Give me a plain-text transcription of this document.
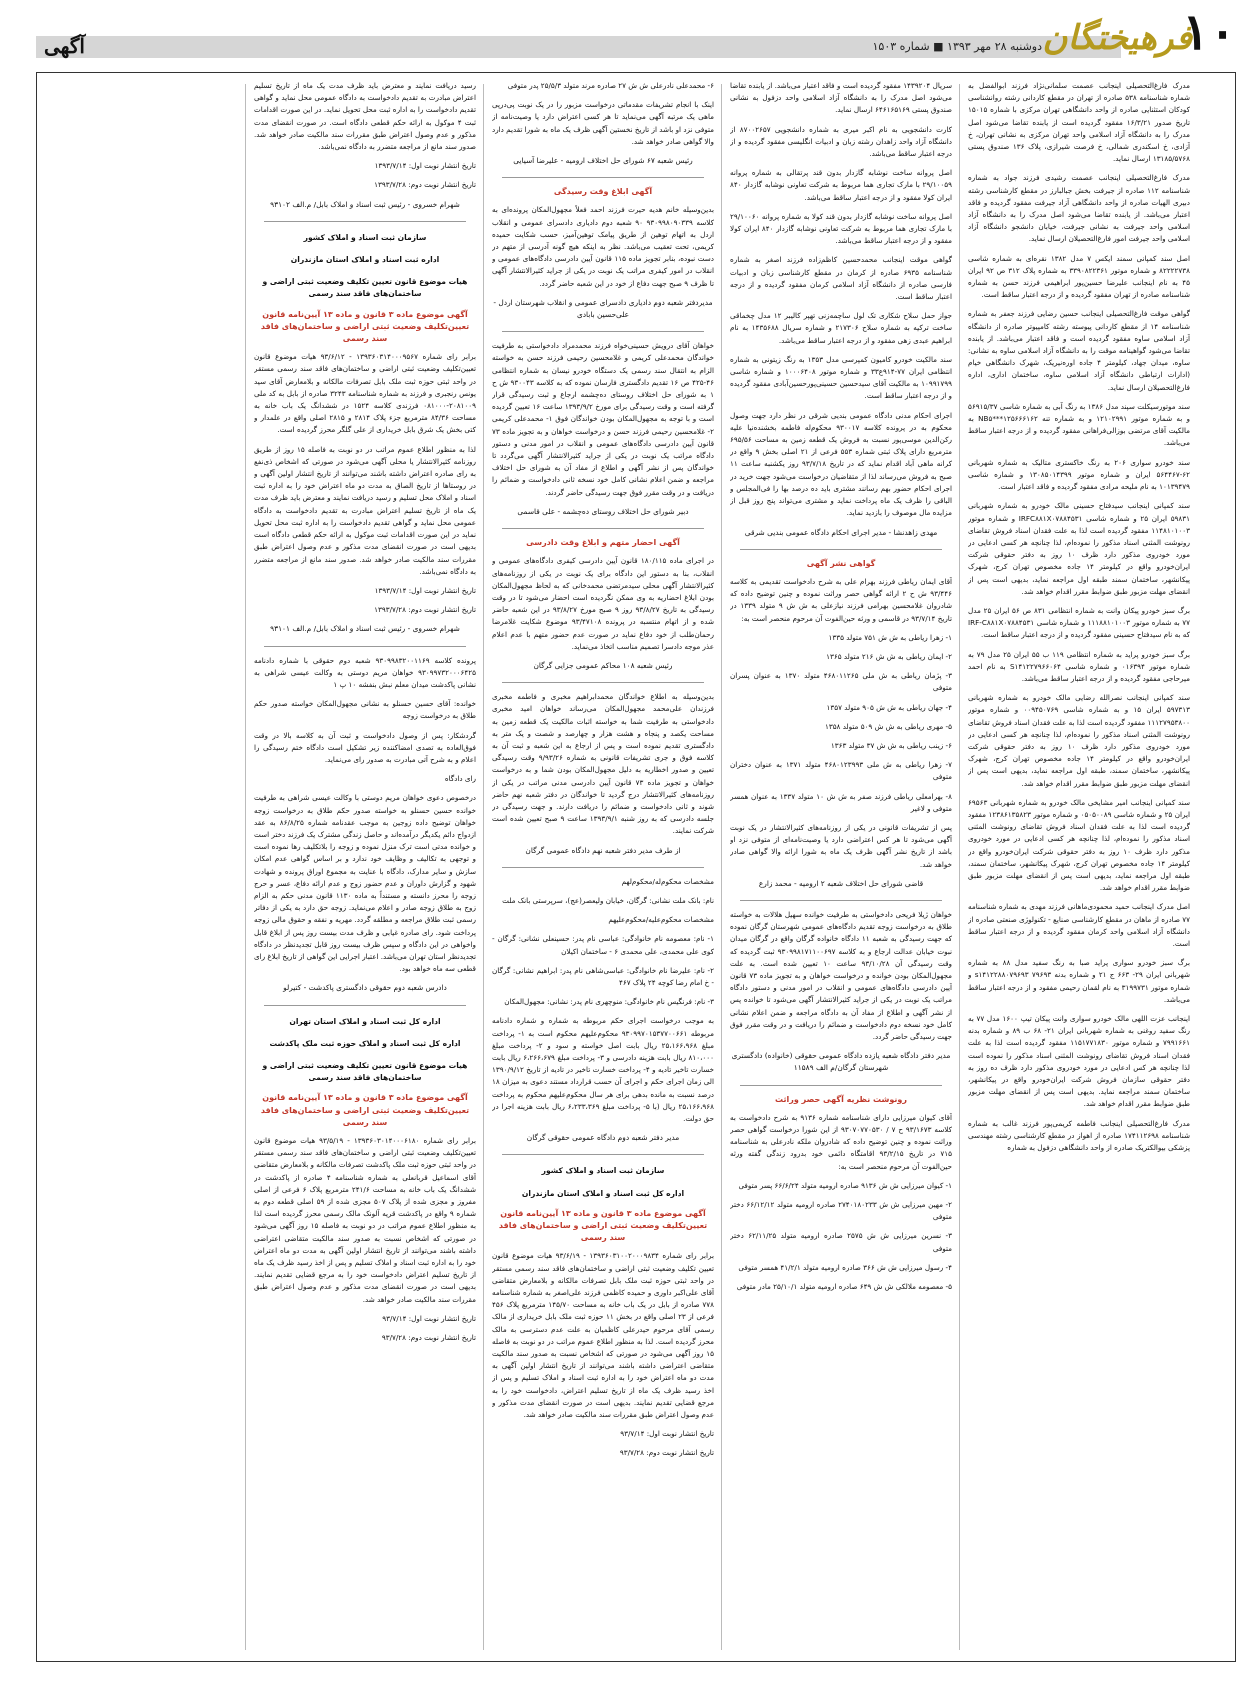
۱۰
فرهیختگان
دوشنبه ۲۸ مهر ۱۳۹۳ ■ شماره ۱۵۰۳
آگهی

مدرک فارغ‌التحصیلی اینجانب عصمت سلمانی‌نژاد فرزند ابوالفضل به شماره شناسنامه ۵۳۸ صادره از تهران در مقطع کاردانی رشته روانشناسی کودکان استثنایی صادره از واحد دانشگاهی تهران مرکزی با شماره ۱۵۰۱۵ تاریخ صدور ۱۶/۳/۲۱ مفقود گردیده است از یابنده تقاضا می‌شود اصل مدرک را به دانشگاه آزاد اسلامی واحد تهران مرکزی به نشانی تهران، خ آزادی، خ اسکندری شمالی، خ فرصت شیرازی، پلاک ۱۳۶ صندوق پستی ۱۳۱۸۵/۵۷۶۸ ارسال نماید.

مدرک فارغ‌التحصیلی اینجانب عصمت رشیدی فرزند جواد به شماره شناسنامه ۱۱۲ صادره از جیرفت بخش جبالبارز در مقطع کارشناسی رشته دبیری الهیات صادره از واحد دانشگاهی آزاد جیرفت مفقود گردیده و فاقد اعتبار می‌باشد. از یابنده تقاضا می‌شود اصل مدرک را به دانشگاه آزاد اسلامی واحد جیرفت به نشانی جیرفت، خیابان دانشجو دانشگاه آزاد اسلامی واحد جیرفت امور فارغ‌التحصیلان ارسال نماید.

اصل سند کمپانی سمند ایکس ۷ مدل ۱۳۸۲ نقره‌ای به شماره شاسی ۸۲۲۲۲۷۳۸ و شماره موتور ۳۳۹۰۸۲۲۳۶۱ به شماره پلاک ۳۱۲ ص ۹۲ ایران ۴۵ به نام اینجانب علیرضا حسین‌پور ابراهیمی فرزند حسن به شماره شناسنامه صادره از تهران مفقود گردیده و از درجه اعتبار ساقط است.

گواهی موقت فارغ‌التحصیلی اینجانب حسین رضایی فرزند جعفر به شماره شناسنامه ۱۴ از مقطع کاردانی پیوسته رشته کامپیوتر صادره از دانشگاه آزاد اسلامی ساوه مفقود گردیده است و فاقد اعتبار می‌باشد. از یابنده تقاضا می‌شود گواهینامه موقت را به دانشگاه آزاد اسلامی ساوه به نشانی: ساوه، میدان جهاد، کیلومتر ۴ جاده اوره‌نیریک، شهرک دانشگاهی خیام (ادارات ارتباطی دانشگاه آزاد اسلامی ساوه، ساختمان اداری، اداره فارغ‌التحصیلان ارسال نماید.

سند موتورسیکلت سپند مدل ۱۳۸۶ به رنگ آبی به شماره شاسی ۵۶۹۱۵/۳۷ و به شماره موتور ۱۲۱۰۲۹۹۱ و به شماره تنه NB۵***۱۲۵۶۶۶۱۶۲ به مالکیت آقای مرتضی بوزالی‌فراهانی مفقود گردیده و از درجه اعتبار ساقط می‌باشد.

سند خودرو سواری ۲۰۶ به رنگ خاکستری متالیک به شماره شهربانی ۶۲-۵۶۴۴۶۷ ایران و شماره موتور ۱۳۰۸۵۰۱۴۳۹۹ و شماره شاسی ۱۰۱۳۹۴۷۹ به نام ملیحه مرادی مفقود گردیده و فاقد اعتبار است.

سند کمپانی اینجانب سیدفتاح حسینی مالک خودرو به شماره شهربانی ۵۹۸۳۱ ایران ۲۵ و شماره شاسی IRFC۸۸۱X۰۷۸۸۴۵۳۱ و شماره موتور ۱۱۴۸۱۰۱۰۰۳ مفقود گردیده است لذا به علت فقدان اسناد فروش تقاضای رونوشت المثنی اسناد مذکور را نموده‌ام، لذا چنانچه هر کسی ادعایی در مورد خودروی مذکور دارد ظرف ۱۰ روز به دفتر حقوقی شرکت ایران‌خودرو واقع در کیلومتر ۱۴ جاده مخصوص تهران کرج، شهرک پیکانشهر، ساختمان سمند طبقه اول مراجعه نماید، بدیهی است پس از انقضای مهلت مزبور طبق ضوابط مقرر اقدام خواهد شد.

برگ سبز خودرو پیکان وانت به شماره انتظامی ۸۳۱ ص ۵۶ ایران ۲۵ مدل ۷۷ به شماره موتور ۱۱۱۸۸۱۰۱۰۰۳ و شماره شاسی IRF-C۸۸۱X۰۷۸۸۴۵۳۱ که به نام سیدفتاح حسینی مفقود گردیده و از درجه اعتبار ساقط است.

برگ سبز خودرو پراید به شماره انتظامی ۱۱۹ ب ۵۵ ایران ۲۵ مدل ۷۹ به شماره موتور ۰۱۶۳۹۴ و شماره شاسی S۱۴۱۲۲۷۹۶۶۰۶۴ به نام احمد میرحاجی مفقود گردیده و از درجه اعتبار ساقط می‌باشد.

سند کمپانی اینجانب نصرالله رضایی مالک خودرو به شماره شهربانی ۵۹۷۳۱۳ ایران ۱۵ و به شماره شاسی ۰۰۹۴۵۰۷۶۹ و شماره موتور ۱۱۱۲۷۹۵۳۸۰۰ مفقود گردیده است لذا به علت فقدان اسناد فروش تقاضای رونوشت المثنی اسناد مذکور را نموده‌ام، لذا چنانچه هر کسی ادعایی در مورد خودروی مذکور دارد ظرف ۱۰ روز به دفتر حقوقی شرکت ایران‌خودرو واقع در کیلومتر ۱۴ جاده مخصوص تهران کرج، شهرک پیکانشهر، ساختمان سمند، طبقه اول مراجعه نماید، بدیهی است پس از انقضای مهلت مزبور طبق ضوابط مقرر اقدام خواهد شد.

سند کمپانی اینجانب امیر مشایخی مالک خودرو به شماره شهربانی ۶۹۵۶۳ ایران ۲۵ و شماره شاسی ۰۵۰۵۰۰۸۹ و شماره موتور ۱۲۳۸۶۱۳۵۸۲۳ مفقود گردیده است لذا به علت فقدان اسناد فروش تقاضای رونوشت المثنی اسناد مذکور را نموده‌ام، لذا چنانچه هر کسی ادعایی در مورد خودروی مذکور دارد ظرف ۱۰ روز به دفتر حقوقی شرکت ایران‌خودرو واقع در کیلومتر ۱۴ جاده مخصوص تهران کرج، شهرک پیکانشهر، ساختمان سمند، طبقه اول مراجعه نماید، بدیهی است پس از انقضای مهلت مزبور طبق ضوابط مقرر اقدام خواهد شد.

اصل مدرک اینجانب حمید محمودی‌ماهانی فرزند مهدی به شماره شناسنامه ۷۷ صادره از ماهان در مقطع کارشناسی صنایع - تکنولوژی صنعتی صادره از دانشگاه آزاد اسلامی واحد کرمان مفقود گردیده و از درجه اعتبار ساقط است.

برگ سبز خودرو سواری پراید صبا به رنگ سفید مدل ۸۸ به شماره شهربانی ایران ۲۹- ۶۶۳ ج ۲۱ و شماره بدنه ۷۹۶۹۳ s۱۴۱۲۲۸۸۰۷۹۶۹۳ و شماره موتور ۳۱۹۹۷۳۱ به نام لقمان رحیمی مفقود و از درجه اعتبار ساقط می‌باشد.

اینجانب عزت اللهی مالک خودرو سواری وانت پیکان تیپ ۱۶۰۰ مدل ۷۷ به رنگ سفید روغنی به شماره شهربانی ایران ۲۱- ۶۸ ب ۸۹ و شماره بدنه ۷۹۹۱۶۶۱ و شماره موتور ۱۱۵۱۷۷۱۸۳۰ مفقود گردیده است لذا به علت فقدان اسناد فروش تقاضای رونوشت المثنی اسناد مذکور را نموده است لذا چنانچه هر کس ادعایی در مورد خودروی مذکور دارد ظرف ده روز به دفتر حقوقی سازمان فروش شرکت ایران‌خودرو واقع در پیکانشهر، ساختمان سمند مراجعه نماید. بدیهی است پس از انقضای مهلت مزبور طبق ضوابط مقرر اقدام خواهد شد.

مدرک فارغ‌التحصیلی اینجانب فاطمه کریمی‌پور فرزند غالب به شماره شناسنامه ۱۷۴۱۱۲۶۹۸ صادره از اهواز در مقطع کارشناسی رشته مهندسی پزشکی بیوالکتریک صادره از واحد دانشگاهی دزفول به شماره

سریال ۱۴۳۹۲۰۴ مفقود گردیده است و فاقد اعتبار می‌باشد. از یابنده تقاضا می‌شود اصل مدرک را به دانشگاه آزاد اسلامی واحد دزفول به نشانی صندوق پستی ۶۴۶۱۶۵۱۶۹ ارسال نماید.

کارت دانشجویی به نام اکبر میری به شماره دانشجویی ۸۷۰۰۲۶۵۷ از دانشگاه آزاد واحد زاهدان رشته زبان و ادبیات انگلیسی مفقود گردیده و از درجه اعتبار ساقط می‌باشد.

اصل پروانه ساخت نوشابه گازدار بدون قند پرتقالی به شماره پروانه ۲۹/۱۰۰۵۹ با مارک تجاری هما مربوط به شرکت تعاونی نوشابه گازدار ۸۴۰ ایران کولا مفقود و از درجه اعتبار ساقط می‌باشد.

اصل پروانه ساخت نوشابه گازدار بدون قند کولا به شماره پروانه ۲۹/۱۰۰۶۰ با مارک تجاری هما مربوط به شرکت تعاونی نوشابه گازدار ۸۴۰ ایران کولا مفقود و از درجه اعتبار ساقط می‌باشد.

گواهی موقت اینجانب محمدحسین کاظم‌زاده فرزند اصغر به شماره شناسنامه ۶۹۳۵ صادره از کرمان در مقطع کارشناسی زبان و ادبیات فارسی صادره از دانشگاه آزاد اسلامی کرمان مفقود گردیده و از درجه اعتبار ساقط است.

جواز حمل سلاح شکاری تک لول ساچمه‌زنی تهپر کالیبر ۱۲ مدل چخماقی ساخت ترکیه به شماره سلاح ۲۱۷۳۰۶ و شماره سریال ۱۴۳۵۶۸۸ به نام ابراهیم عبدی زهی مفقود و از درجه اعتبار ساقط می‌باشد.

سند مالکیت خودرو کامیون کمپرسی مدل ۱۳۵۳ به رنگ زیتونی به شماره انتظامی ایران ۷۷-۹۱۴ع۳۳ و شماره موتور ۱۰۰۰۶۴۰۸ و شماره شاسی ۱۰۹۹۱۷۹۹ به مالکیت آقای سیدحسین حسینی‌پورحسین‌آبادی مفقود گردیده و از درجه اعتبار ساقط است.

اجرای احکام مدنی دادگاه عمومی بندیی شرقی در نظر دارد جهت وصول محکوم به در پرونده کلاسه ۹۳۰۰۱۷ محکوم‌له فاطمه بخشنده‌نیا علیه رکن‌الدین موسی‌پور نسبت به فروش یک قطعه زمین به مساحت ۶۹۵/۵۶ مترمربع دارای پلاک ثبتی شماره ۵۵۳ فرعی از ۲۱ اصلی بخش ۹ واقع در کرانه ماهی آباد اقدام نماید که در تاریخ ۹۳/۷/۱۸ روز یکشنبه ساعت ۱۱ صبح به فروش می‌رساند لذا از متقاضیان درخواست می‌شود جهت خرید در اجرای احکام حضور بهم رسانند مشتری باید ده درصد بها را فی‌المجلس و الباقی را ظرف یک ماه پرداخت نماید و مشتری می‌تواند پنج روز قبل از مزایده مال موصوف را بازدید نماید.

مهدی زاهدنشا - مدیر اجرای احکام دادگاه عمومی بندیی شرقی

گواهی نشر آگهی

آقای ایمان ریاطی فرزند بهرام علی به شرح دادخواست تقدیمی به کلاسه ۹۳/۴۴۶ ش ح ۲ ارائه گواهی حصر وراثت نموده و چنین توضیح داده که شادروان غلامحسین بهرامی فرزند نیازعلی به ش ش ۹ متولد ۱۳۳۹ در تاریخ ۹۳/۷/۱۴ در قاسمی و ورثه حین‌الفوت آن مرحوم منحصر است به:

۱- زهرا ریاطی به ش ش ۷۵۱ متولد ۱۳۳۵

۲- ایمان ریاطی به ش ش ۲۱۶ متولد ۱۳۶۵

۳- پژمان ریاطی به ش ملی ۴۶۸۰۱۱۲۶۵ متولد ۱۳۷۰ به عنوان پسران متوفی

۴- جهان ریاطی به ش ش ۹۰۵ متولد ۱۳۵۷

۵- مهری ریاطی به ش ش ۵۰۹ متولد ۱۳۵۸

۶- زینب ریاطی به ش ش ۳۷ متولد ۱۳۶۳

۷- زهرا ریاطی به ش ملی ۴۶۸۰۱۲۳۹۹۳ متولد ۱۳۷۱ به عنوان دختران متوفی

۸- بهرامعلی ریاطی فرزند صفر به ش ش ۱۰ متولد ۱۳۳۷ به عنوان همسر متوفی و لاغیر

پس از تشریفات قانونی در یکی از روزنامه‌های کثیرالانتشار در یک نوبت آگهی می‌شود تا هر کس اعتراضی دارد یا وصیت‌نامه‌ای از متوفی نزد او باشد از تاریخ نشر آگهی ظرف یک ماه به شورا ارائه والا گواهی صادر خواهد شد.

قاضی شورای حل اختلاف شعبه ۲ ارومیه - محمد زارع

خواهان ژیلا فریحی دادخواستی به طرفیت خوانده سهیل هلالات به خواسته طلاق به درخواست زوجه تقدیم دادگاه‌های عمومی شهرستان گرگان نموده که جهت رسیدگی به شعبه ۱۱ دادگاه خانواده گرگان واقع در گرگان میدان نبوت خیابان عدالت ارجاع و به کلاسه ۹۳۰۹۹۸۱۷۱۱۰۰۶۹۷ ثبت گردیده که وقت رسیدگی آن ۹۳/۱۰/۲۸ ساعت ۱۰ تعیین شده است. به علت مجهول‌المکان بودن خوانده و درخواست خواهان و به تجویز ماده ۷۳ قانون آیین دادرسی دادگاه‌های عمومی و انقلاب در امور مدنی و دستور دادگاه مراتب یک نوبت در یکی از جراید کثیرالانتشار آگهی می‌شود تا خوانده پس از نشر آگهی و اطلاع از مفاد آن به دادگاه مراجعه و ضمن اعلام نشانی کامل خود نسخه دوم دادخواست و ضمائم را دریافت و در وقت مقرر فوق جهت رسیدگی حاضر گردد.

مدیر دفتر دادگاه شعبه یازده دادگاه عمومی حقوقی (خانواده) دادگستری شهرستان گرگان/م الف ۱۱۵۸۹

رونوشت نظریه آگهی حصر وراثت

آقای کیوان میرزایی دارای شناسنامه شماره ۹۱۳۶ به شرح دادخواست به کلاسه ۹۳/۱۶۷۳ ح ۷ / ۹۳۰۷۰۷۷۰۵۳۰ از این شورا درخواست گواهی حصر وراثت نموده و چنین توضیح داده که شادروان ملکه نادرعلی به شناسنامه ۷۱۵ در تاریخ ۹۳/۲/۱۵ اقامتگاه دائمی خود بدرود زندگی گفته ورثه حین‌الفوت آن مرحوم منحصر است به:

۱- کیوان میرزایی ش ش ۹۱۳۶ صادره ارومیه متولد ۶۶/۶/۲۴ پسر متوفی

۲- مهین میرزایی ش ش ۲۷۴۰۱۸۰۲۳۳ صادره ارومیه متولد ۶۶/۱۲/۱۲ دختر متوفی

۳- نسرین میرزایی ش ش ۲۵۷۵ صادره ارومیه متولد ۶۲/۱۱/۲۵ دختر متوفی

۴- رسول میرزایی ش ش ۳۶۶ صادره ارومیه متولد ۴۱/۲/۱ همسر متوفی

۵- معصومه ملالکی ش ش ۶۴۹ صادره ارومیه متولد ۲۵/۱۰/۱ مادر متوفی

۶- محمدعلی نادرعلی ش ش ۲۷ صادره مرند متولد ۲۵/۵/۳ پدر متوفی

اینک با انجام تشریفات مقدماتی درخواست مزبور را در یک نوبت پی‌درپی ماهی یک مرتبه آگهی می‌نماید تا هر کسی اعتراض دارد یا وصیت‌نامه از متوفی نزد او باشد از تاریخ نخستین آگهی ظرف یک ماه به شورا تقدیم دارد والا گواهی صادر خواهد شد.

رئیس شعبه ۶۷ شورای حل اختلاف ارومیه - علیرضا آسیایی

آگهی ابلاغ وقت رسیدگی

بدین‌وسیله خانم هدیه حیرت فرزند احمد فعلاً مجهول‌المکان پرونده‌ای به کلاسه ۹۳۰۹۹۸۰۹۰۳۳۹ ۹۰ شعبه دوم دادیاری دادسرای عمومی و انقلاب اردل به اتهام توهین از طریق پیامک توهین‌آمیز، حسب شکایت حمیده کریمی، تحت تعقیب می‌باشد. نظر به اینکه هیچ گونه آدرسی از متهم در دست نبوده، بنابر تجویز ماده ۱۱۵ قانون آیین دادرسی دادگاه‌های عمومی و انقلاب در امور کیفری مراتب یک نوبت در یکی از جراید کثیرالانتشار آگهی تا ظرف ۹ صبح جهت دفاع از خود در این شعبه حاضر گردد.

مدیردفتر شعبه دوم دادیاری دادسرای عمومی و انقلاب شهرستان اردل - علی‌حسین بابادی

خواهان آقای درویش حسینی‌خواه فرزند محمدمراد دادخواستی به طرفیت خواندگان محمدعلی کریمی و غلامحسین رحیمی فرزند حسن به خواسته الزام به انتقال سند رسمی یک دستگاه خودرو نیسان به شماره انتظامی ۴۶-۴۲۵ ص ۱۶ تقدیم دادگستری فارسان نموده که به کلاسه ۹۳۰۰۴۳ ش ح ۱ به شورای حل اختلاف روستای ده‌چشمه ارجاع و ثبت رسیدگی قرار گرفته است و وقت رسیدگی برای مورخ ۱۳۹۳/۹/۲ ساعت ۱۶ تعیین گردیده است و با توجه به مجهول‌المکان بودن خواندگان فوق ۱- محمدعلی کریمی ۲- غلامحسین رحیمی فرزند حسن و درخواست خواهان و به تجویز ماده ۷۳ قانون آیین دادرسی دادگاه‌های عمومی و انقلاب در امور مدنی و دستور دادگاه مراتب یک نوبت در یکی از جراید کثیرالانتشار آگهی می‌گردد تا خواندگان پس از نشر آگهی و اطلاع از مفاد آن به شورای حل اختلاف مراجعه و ضمن اعلام نشانی کامل خود نسخه ثانی دادخواست و ضمائم را دریافت و در وقت مقرر فوق جهت رسیدگی حاضر گردند.

دبیر شورای حل اختلاف روستای ده‌چشمه - علی قاسمی

آگهی احضار متهم و ابلاغ وقت دادرسی

در اجرای ماده ۱۸۰/۱۱۵ قانون آیین دادرسی کیفری دادگاه‌های عمومی و انقلاب، بنا به دستور این دادگاه برای یک نوبت در یکی از روزنامه‌های کثیرالانتشار آگهی محلی سیدمرتضی محمدخانی که به لحاظ مجهول‌المکان بودن ابلاغ احضاریه به وی ممکن نگردیده است احضار می‌شود تا در وقت رسیدگی به تاریخ ۹۳/۸/۲۷ روز ۹ صبح مورخ ۹۳/۸/۲۷ در این شعبه حاضر شده و از اتهام منتسبه در پرونده ۹۳/۴۷۱۰۸ موضوع شکایت غلامرضا رحمان‌طلب از خود دفاع نماید در صورت عدم حضور متهم با عدم اعلام عذر موجه دادسرا تصمیم مناسب اتخاذ می‌نماید.

رئیس شعبه ۱۰۸ محاکم عمومی جزایی گرگان

بدین‌وسیله به اطلاع خواندگان محمدابراهیم مخبری و فاطمه مخبری فرزندان علی‌محمد مجهول‌المکان می‌رساند خواهان امید مخبری دادخواستی به طرفیت شما به خواسته اثبات مالکیت یک قطعه زمین به مساحت یکصد و پنجاه و هشت هزار و چهارصد و شصت و یک متر به دادگستری تقدیم نموده است و پس از ارجاع به این شعبه و ثبت آن به کلاسه فوق و جری تشریفات قانونی به شماره ۹/۹۳/۲۶ وقت رسیدگی تعیین و صدور اخطاریه به دلیل مجهول‌المکان بودن شما و به درخواست خواهان و تجویز ماده ۷۳ قانون آیین دادرسی مدنی مراتب در یکی از روزنامه‌های کثیرالانتشار درج گردید تا خواندگان در دفتر شعبه نهم حاضر شوند و ثانی دادخواست و ضمائم را دریافت دارند. و جهت رسیدگی در جلسه دادرسی که به روز شنبه ۱۳۹۳/۹/۱ ساعت ۹ صبح تعیین شده است شرکت نمایند.

از طرف مدیر دفتر شعبه نهم دادگاه عمومی گرگان

مشخصات محکوم‌له/محکوم‌لهم

نام: بانک ملت نشانی: گرگان، خیابان ولیعصر(عج)، سرپرستی بانک ملت

مشخصات محکوم‌علیه/محکوم‌علیهم

۱- نام: معصومه نام خانوادگی: عباسی نام پدر: حسینعلی نشانی: گرگان - کوی علی محمدی، علی محمدی ۶ - ساختمان اکیلان

۲- نام: علیرضا نام خانوادگی: عباسی‌شاهی نام پدر: ابراهیم نشانی: گرگان - خ امام رضا کوچه ۲۴ پلاک ۴۶۷

۳- نام: فرنگیس نام خانوادگی: منوچهری نام پدر: نشانی: مجهول‌المکان

به موجب درخواست اجرای حکم مربوطه به شماره و شماره دادنامه مربوطه ۹۳۰۹۹۷۰۱۵۳۷۷۰۰۶۶۱ محکوم‌علیهم محکوم است به ۱- پرداخت مبلغ ۲۵،۱۶۶،۹۶۸ ریال بابت اصل خواسته و سود و ۲- پرداخت مبلغ ۸۱۰،۰۰۰ ریال بابت هزینه دادرسی و ۳- پرداخت مبلغ ۶،۲۶۶،۶۷۹ ریال بابت خسارت تاخیر تادیه و ۴- پرداخت خسارت تاخیر در تادیه از تاریخ ۱۳۹۰/۹/۱۲ الی زمان اجرای حکم و اجرای آن حسب قرارداد مستند دعوی به میزان ۱۸ درصد نسبت به مانده بدهی برای هر سال محکوم‌علیهم محکوم به پرداخت ۲۵،۱۶۶،۹۶۸ ریال (با ۵- پرداخت مبلغ ۶،۲۳۳،۳۶۹ ریال بابت هزینه اجرا در حق دولت.

مدیر دفتر شعبه دوم دادگاه عمومی حقوقی گرگان

سازمان ثبت اسناد و املاک کشور

اداره کل ثبت اسناد و املاک استان مازندران

آگهی موضوع ماده ۳ قانون و ماده ۱۳ آیین‌نامه قانون تعیین‌تکلیف وضعیت ثبتی اراضی و ساختمان‌های فاقد سند رسمی

برابر رای شماره ۱۳۹۳۶۰۳۱۰۰۲۰۰۰۹۸۳۴ - ۹۳/۶/۱۹ هیات موضوع قانون تعیین تکلیف وضعیت ثبتی اراضی و ساختمان‌های فاقد سند رسمی مستقر در واحد ثبتی حوزه ثبت ملک بابل تصرفات مالکانه و بلامعارض متقاضی آقای علی‌اکبر داوری و حمیده کاظمی فرزند علی‌اصغر به شماره شناسنامه ۷۷۸ صادره از بابل در یک باب خانه به مساحت ۱۴۵/۷۰ مترمربع پلاک ۴۵۶ فرعی از ۲۳ اصلی واقع در بخش ۱۱ حوزه ثبت ملک بابل خریداری از مالک رسمی آقای مرحوم حیدرعلی کاظمیان به علت عدم دسترسی به مالک محرز گردیده است. لذا به منظور اطلاع عموم مراتب در دو نوبت به فاصله ۱۵ روز آگهی می‌شود در صورتی که اشخاص نسبت به صدور سند مالکیت متقاضی اعتراضی داشته باشند می‌توانند از تاریخ انتشار اولین آگهی به مدت دو ماه اعتراض خود را به اداره ثبت اسناد و املاک تسلیم و پس از اخذ رسید ظرف یک ماه از تاریخ تسلیم اعتراض، دادخواست خود را به مرجع قضایی تقدیم نمایند. بدیهی است در صورت انقضای مدت مذکور و عدم وصول اعتراض طبق مقررات سند مالکیت صادر خواهد شد.

تاریخ انتشار نوبت اول: ۹۳/۷/۱۴

تاریخ انتشار نوبت دوم: ۹۳/۷/۲۸

رسید دریافت نمایند و معترض باید ظرف مدت یک ماه از تاریخ تسلیم اعتراض مبادرت به تقدیم دادخواست به دادگاه عمومی محل نماید و گواهی تقدیم دادخواست را به اداره ثبت محل تحویل نماید. در این صورت اقدامات ثبت ۴ موکول به ارائه حکم قطعی دادگاه است. در صورت انقضای مدت مذکور و عدم وصول اعتراض طبق مقررات سند مالکیت صادر خواهد شد. صدور سند مانع از مراجعه متضرر به دادگاه نمی‌باشد.

تاریخ انتشار نوبت اول: ۱۳۹۳/۷/۱۴

تاریخ انتشار نوبت دوم: ۱۳۹۳/۷/۲۸

شهرام خسروی - رئیس ثبت اسناد و املاک بابل/ م.الف ۹۳۱۰۲

سازمان ثبت اسناد و املاک کشور

اداره ثبت اسناد و املاک استان مازندران

هیات موضوع قانون تعیین تکلیف وضعیت ثبتی اراضی و ساختمان‌های فاقد سند رسمی

آگهی موضوع ماده ۳ قانون و ماده ۱۳ آیین‌نامه قانون تعیین‌تکلیف وضعیت ثبتی اراضی و ساختمان‌های فاقد سند رسمی

برابر رای شماره ۱۳۹۳۶۰۳۱۴۰۰۰۹۵۶۷ - ۹۳/۶/۱۲ هیات موضوع قانون تعیین‌تکلیف وضعیت ثبتی اراضی و ساختمان‌های فاقد سند رسمی مستقر در واحد ثبتی حوزه ثبت ملک بابل تصرفات مالکانه و بلامعارض آقای سید یونس رنجبری و فرزند به شماره شناسنامه ۳۲۴۳ صادره از بابل به کد ملی ۲۰۸۱۰۰۹-۰۸۱۰۰۰ فرزندی کلاسه ۱۵۲۴ در ششدانگ یک باب خانه به مساحت ۸۴/۳۶ مترمربع جزء پلاک ۲۸۱۴ و ۲۸۱۵ اصلی واقع در علمدار و کتی بخش یک شرق بابل خریداری از علی گلگر محرز گردیده است.

لذا به منظور اطلاع عموم مراتب در دو نوبت به فاصله ۱۵ روز از طریق روزنامه کثیرالانتشار یا محلی آگهی می‌شود در صورتی که اشخاص ذی‌نفع به رای صادره اعتراض داشته باشند می‌توانند از تاریخ انتشار اولین آگهی و در روستاها از تاریخ الصاق به مدت دو ماه اعتراض خود را به اداره ثبت اسناد و املاک محل تسلیم و رسید دریافت نمایند و معترض باید ظرف مدت یک ماه از تاریخ تسلیم اعتراض مبادرت به تقدیم دادخواست به دادگاه عمومی محل نماید و گواهی تقدیم دادخواست را به اداره ثبت محل تحویل نماید در این صورت اقدامات ثبت موکول به ارائه حکم قطعی دادگاه است بدیهی است در صورت انقضای مدت مذکور و عدم وصول اعتراض طبق مقررات سند مالکیت صادر خواهد شد. صدور سند مانع از مراجعه متضرر به دادگاه نمی‌باشد.

تاریخ انتشار نوبت اول: ۱۳۹۳/۷/۱۴

تاریخ انتشار نوبت دوم: ۱۳۹۳/۷/۲۸

شهرام خسروی - رئیس ثبت اسناد و املاک بابل/ م.الف ۹۳۱۰۱

پرونده کلاسه ۹۳۰۹۹۸۳۲۰۰۱۱۶۹ شعبه دوم حقوقی با شماره دادنامه ۹۳۰۹۹۷۳۲۰۰۰۶۴۲۵ خواهان مریم دوستی به وکالت عیسی شراهی به نشانی پاکدشت میدان معلم نبش بنفشه ۱۰ پ ۱

خوانده: آقای حسین حسنلو به نشانی مجهول‌المکان خواسته صدور حکم طلاق به درخواست زوجه

گردشکار: پس از وصول دادخواست و ثبت آن به کلاسه بالا در وقت فوق‌العاده به تصدی امضاکننده زیر تشکیل است دادگاه ختم رسیدگی را اعلام و به شرح آتی مبادرت به صدور رای می‌نماید.

رای دادگاه

درخصوص دعوی خواهان مریم دوستی با وکالت عیسی شراهی به طرفیت خوانده حسین حسنلو به خواسته صدور حکم طلاق به درخواست زوجه خواهان توضیح داده زوجین به موجب عقدنامه شماره ۸۶/۸/۲۵ به عقد ازدواج دائم یکدیگر درآمده‌اند و حاصل زندگی مشترک یک فرزند دختر است و خوانده مدتی است ترک منزل نموده و زوجه را بلاتکلیف رها نموده است و توجهی به تکالیف و وظایف خود ندارد و بر اساس گواهی عدم امکان سازش و سایر مدارک، دادگاه با عنایت به مجموع اوراق پرونده و شهادت شهود و گزارش داوران و عدم حضور زوج و عدم ارائه دفاع، عسر و حرج زوجه را محرز دانسته و مستنداً به ماده ۱۱۳۰ قانون مدنی حکم به الزام زوج به طلاق زوجه صادر و اعلام می‌نماید. زوجه حق دارد به یکی از دفاتر رسمی ثبت طلاق مراجعه و مطلقه گردد. مهریه و نفقه و حقوق مالی زوجه پرداخت شود. رای صادره غیابی و ظرف مدت بیست روز پس از ابلاغ قابل واخواهی در این دادگاه و سپس ظرف بیست روز قابل تجدیدنظر در دادگاه تجدیدنظر استان تهران می‌باشد. اعتبار اجرایی این گواهی از تاریخ ابلاغ رای قطعی سه ماه خواهد بود.

دادرس شعبه دوم حقوقی دادگستری پاکدشت - کتیرلو

اداره کل ثبت اسناد و املاک استان تهران

اداره کل ثبت اسناد و املاک حوزه ثبت ملک پاکدشت

هیات موضوع قانون تعیین تکلیف وضعیت ثبتی اراضی و ساختمان‌های فاقد سند رسمی

آگهی موضوع ماده ۳ قانون و ماده ۱۳ آیین‌نامه قانون تعیین‌تکلیف وضعیت ثبتی اراضی و ساختمان‌های فاقد سند رسمی

برابر رای شماره ۱۳۹۳۶۰۳۰۱۴۰۰۰۶۱۸۰ - ۹۳/۵/۱۹ هیات موضوع قانون تعیین‌تکلیف وضعیت ثبتی اراضی و ساختمان‌های فاقد سند رسمی مستقر در واحد ثبتی حوزه ثبت ملک پاکدشت تصرفات مالکانه و بلامعارض متقاضی آقای اسماعیل قربانعلی به شماره شناسنامه ۴ صادره از پاکدشت در ششدانگ یک باب خانه به مساحت ۲۴۱/۶ مترمربع پلاک ۶ فرعی از اصلی مفروز و مجزی شده از پلاک ۵۰۷ مجزی شده از ۵۹ اصلی قطعه دوم به شماره ۹ واقع در پاکدشت قریه آلونک مالک رسمی محرز گردیده است لذا به منظور اطلاع عموم مراتب در دو نوبت به فاصله ۱۵ روز آگهی می‌شود در صورتی که اشخاص نسبت به صدور سند مالکیت متقاضی اعتراضی داشته باشند می‌توانند از تاریخ انتشار اولین آگهی به مدت دو ماه اعتراض خود را به اداره ثبت اسناد و املاک تسلیم و پس از اخذ رسید ظرف یک ماه از تاریخ تسلیم اعتراض دادخواست خود را به مرجع قضایی تقدیم نمایند. بدیهی است در صورت انقضای مدت مذکور و عدم وصول اعتراض طبق مقررات سند مالکیت صادر خواهد شد.

تاریخ انتشار نوبت اول: ۹۳/۷/۱۴

تاریخ انتشار نوبت دوم: ۹۳/۷/۲۸
